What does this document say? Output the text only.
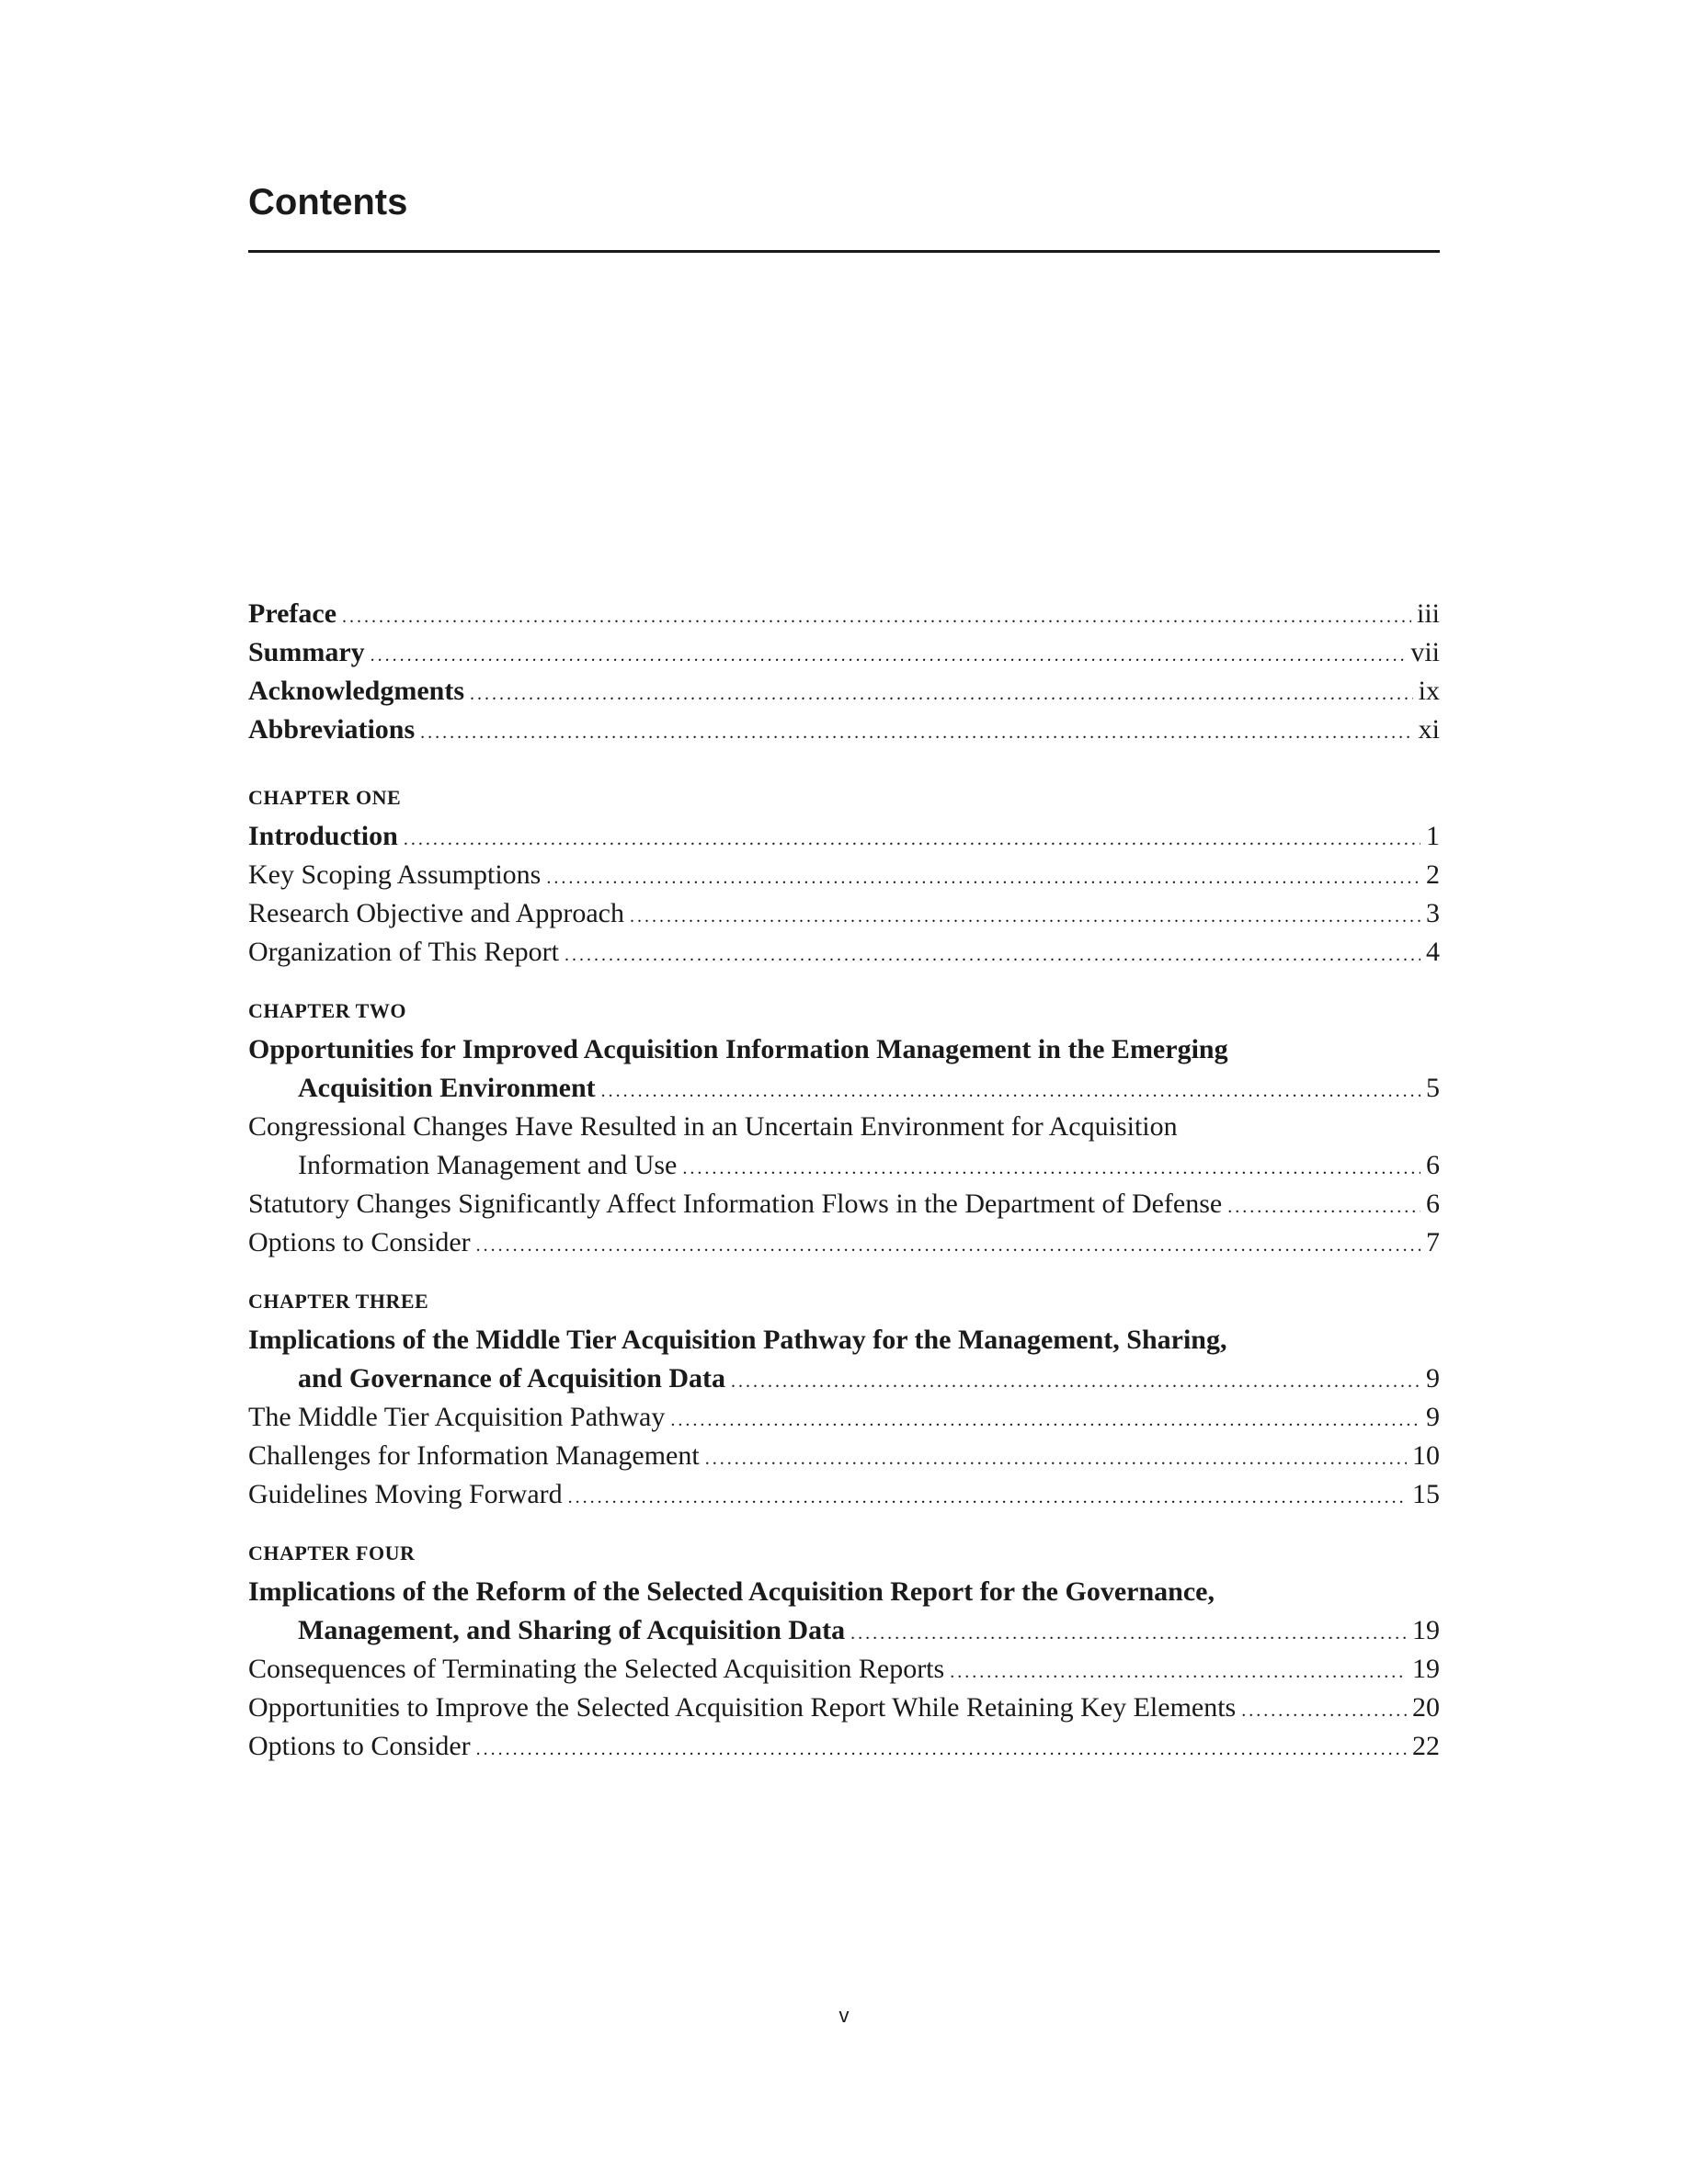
Contents
Preface .....	iii
Summary .....	vii
Acknowledgments .....	ix
Abbreviations .....	xi
CHAPTER ONE
Introduction .....	1
Key Scoping Assumptions .....	2
Research Objective and Approach .....	3
Organization of This Report .....	4
CHAPTER TWO
Opportunities for Improved Acquisition Information Management in the Emerging
Acquisition Environment .....	5
Congressional Changes Have Resulted in an Uncertain Environment for Acquisition
Information Management and Use .....	6
Statutory Changes Significantly Affect Information Flows in the Department of Defense .....	6
Options to Consider .....	7
CHAPTER THREE
Implications of the Middle Tier Acquisition Pathway for the Management, Sharing,
and Governance of Acquisition Data .....	9
The Middle Tier Acquisition Pathway .....	9
Challenges for Information Management .....	10
Guidelines Moving Forward .....	15
CHAPTER FOUR
Implications of the Reform of the Selected Acquisition Report for the Governance,
Management, and Sharing of Acquisition Data .....	19
Consequences of Terminating the Selected Acquisition Reports .....	19
Opportunities to Improve the Selected Acquisition Report While Retaining Key Elements .....	20
Options to Consider .....	22
v
